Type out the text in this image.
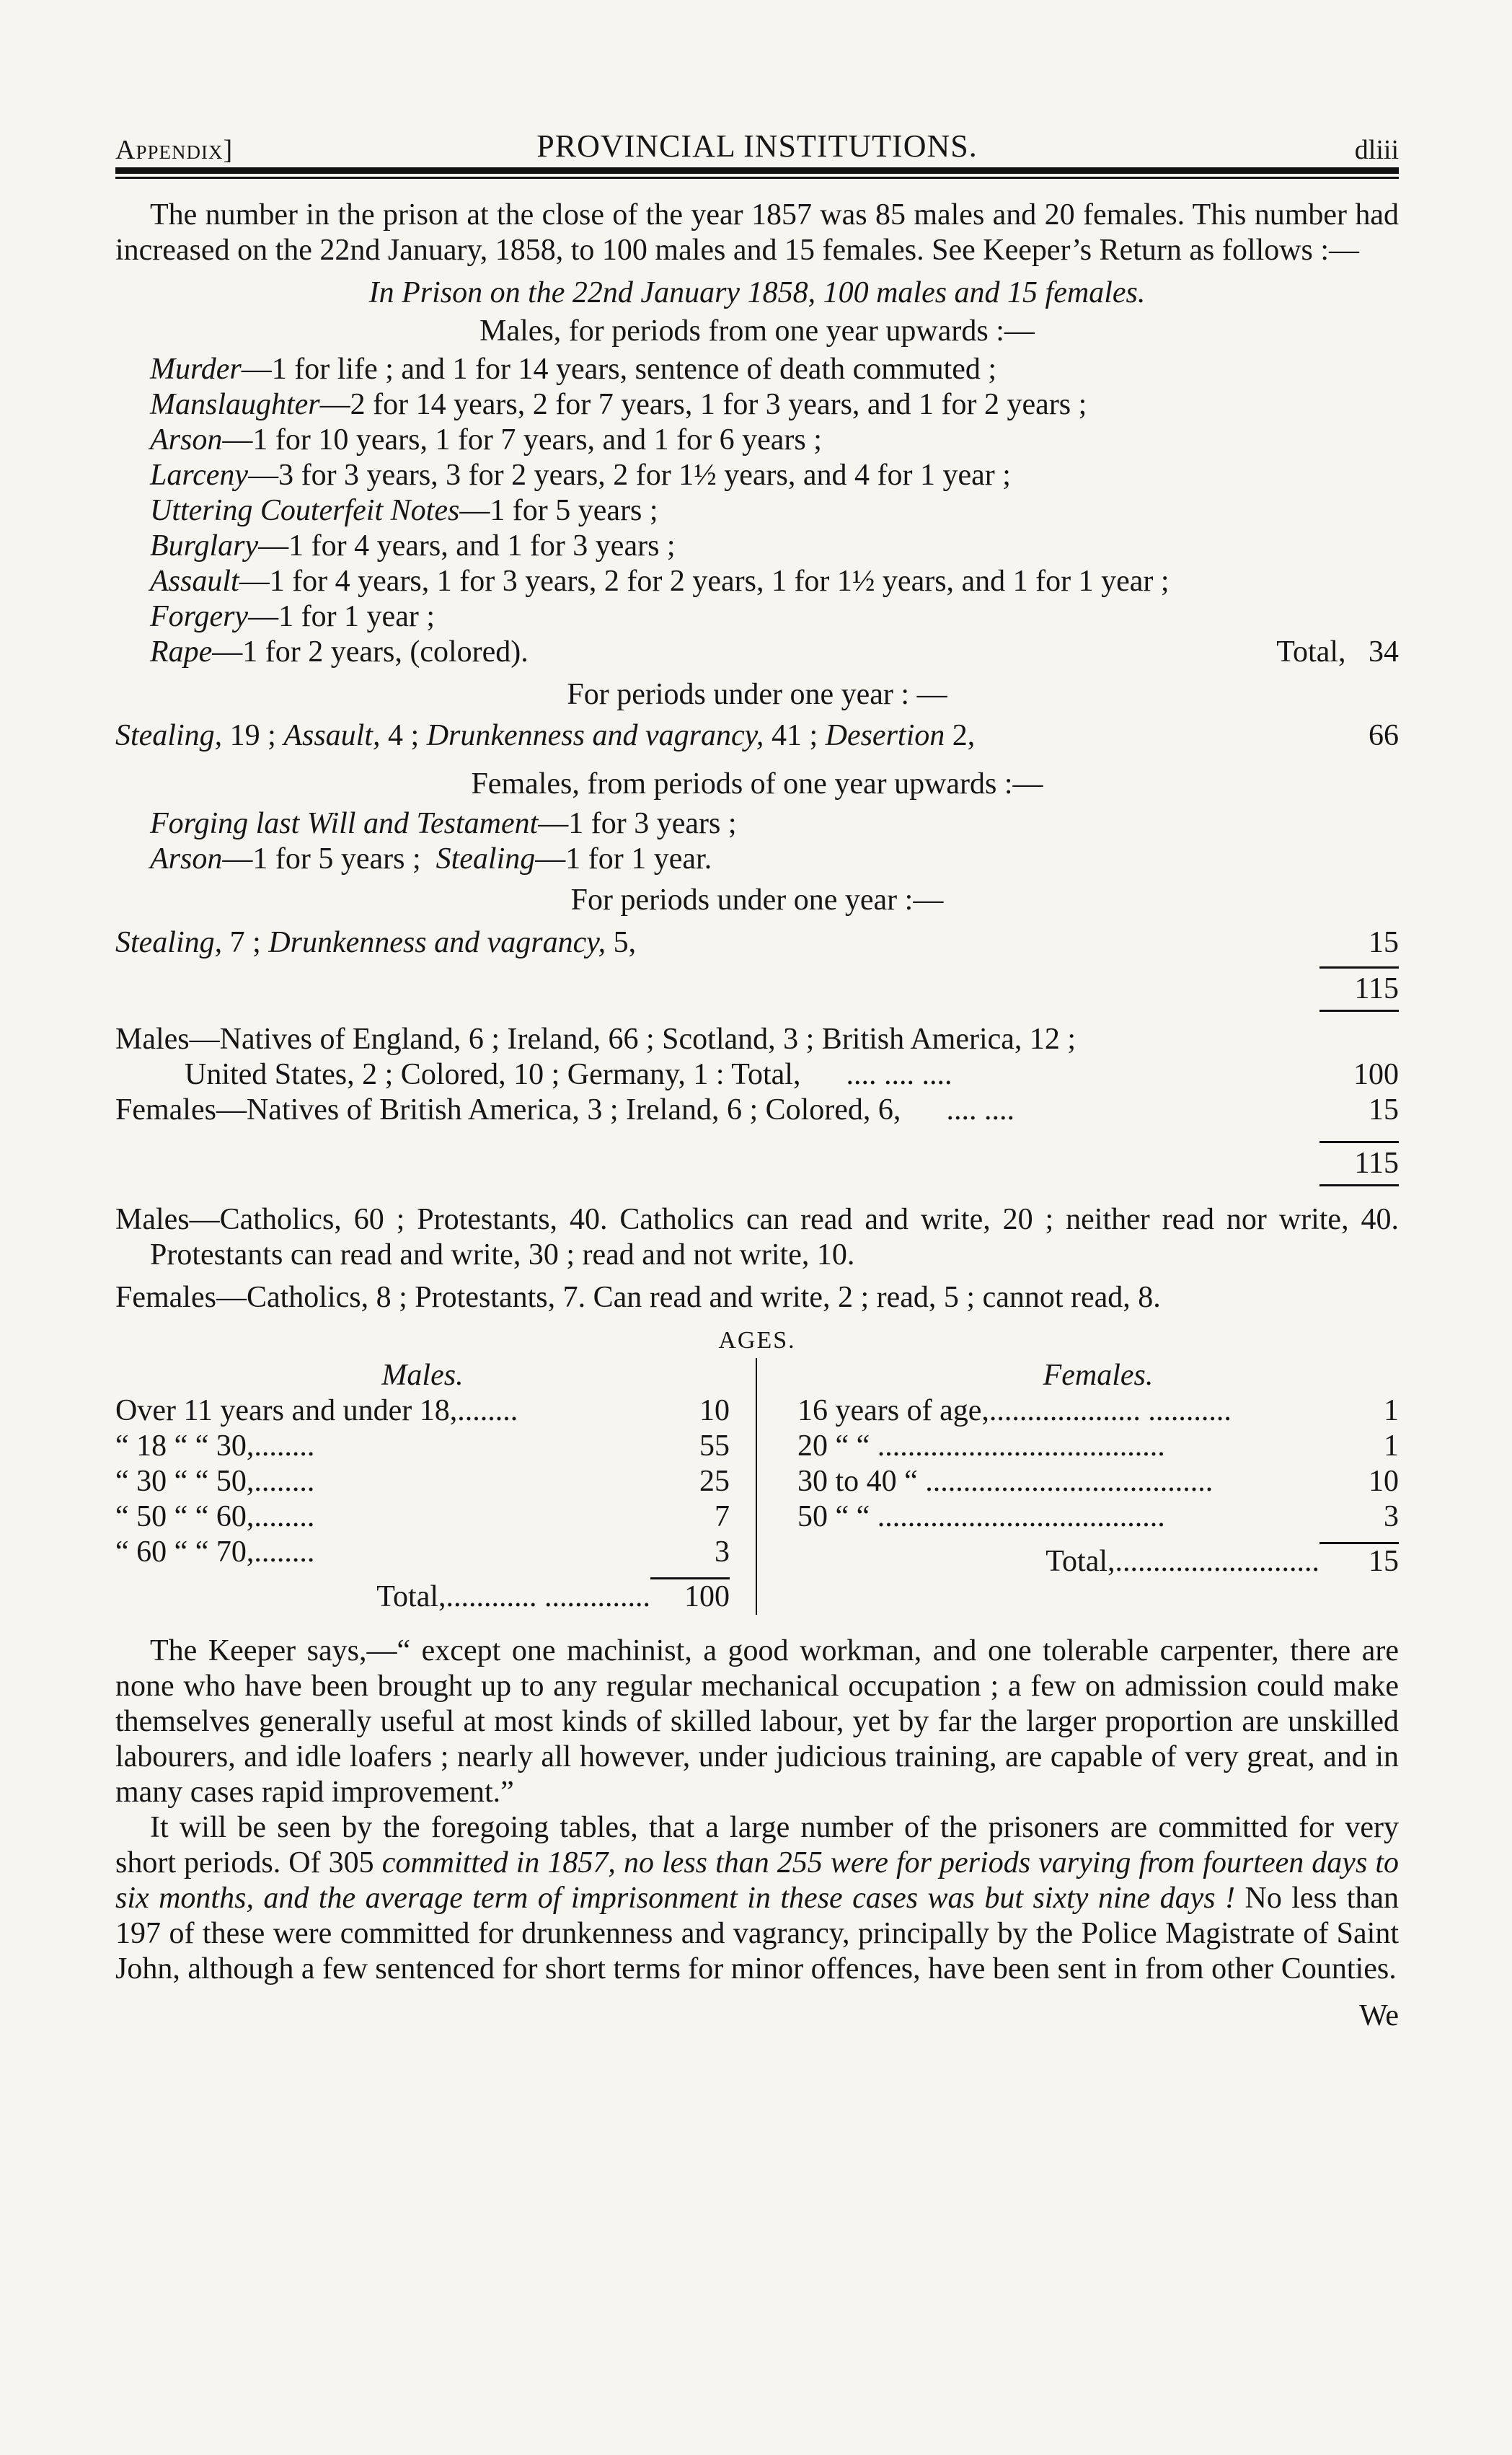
Appendix]	PROVINCIAL INSTITUTIONS.	dliii

The number in the prison at the close of the year 1857 was 85 males and 20 females. This number had increased on the 22nd January, 1858, to 100 males and 15 females. See Keeper’s Return as follows :—

In Prison on the 22nd January 1858, 100 males and 15 females.

Males, for periods from one year upwards :—

Murder—1 for life ; and 1 for 14 years, sentence of death commuted ;

Manslaughter—2 for 14 years, 2 for 7 years, 1 for 3 years, and 1 for 2 years ;

Arson—1 for 10 years, 1 for 7 years, and 1 for 6 years ;

Larceny—3 for 3 years, 3 for 2 years, 2 for 1½ years, and 4 for 1 year ;

Uttering Couterfeit Notes—1 for 5 years ;

Burglary—1 for 4 years, and 1 for 3 years ;

Assault—1 for 4 years, 1 for 3 years, 2 for 2 years, 1 for 1½ years, and 1 for 1 year ;

Forgery—1 for 1 year ;

Rape—1 for 2 years, (colored).	Total, 34

For periods under one year : —

Stealing, 19 ; Assault, 4 ; Drunkenness and vagrancy, 41 ; Desertion 2,	66

Females, from periods of one year upwards :—

Forging last Will and Testament—1 for 3 years ;

Arson—1 for 5 years ; Stealing—1 for 1 year.

For periods under one year :—

Stealing, 7 ; Drunkenness and vagrancy, 5,	15
115

Males—Natives of England, 6 ; Ireland, 66 ; Scotland, 3 ; British America, 12 ;

United States, 2 ; Colored, 10 ; Germany, 1 : Total, .... .... ....	100
Females—Natives of British America, 3 ; Ireland, 6 ; Colored, 6, .... ....	15
115

Males—Catholics, 60 ; Protestants, 40. Catholics can read and write, 20 ; neither read nor write, 40. Protestants can read and write, 30 ; read and not write, 10.

Females—Catholics, 8 ; Protestants, 7. Can read and write, 2 ; read, 5 ; cannot read, 8.

AGES.
Males.
Over 11 years and under 18,........	10
“ 18 “ “ 30,........	55
“ 30 “ “ 50,........	25
“ 50 “ “ 60,........	7
“ 60 “ “ 70,........	3
Total,............ ..............	100
Females.
16 years of age,.................... ...........	1
20 “ “ ......................................	1
30 to 40 “ ......................................	10
50 “ “ ......................................	3
Total,...........................	15

The Keeper says,—“ except one machinist, a good workman, and one tolerable carpenter, there are none who have been brought up to any regular mechanical occupation ; a few on admission could make themselves generally useful at most kinds of skilled labour, yet by far the larger proportion are unskilled labourers, and idle loafers ; nearly all however, under judicious training, are capable of very great, and in many cases rapid improvement.”

It will be seen by the foregoing tables, that a large number of the prisoners are committed for very short periods. Of 305 committed in 1857, no less than 255 were for periods varying from fourteen days to six months, and the average term of imprisonment in these cases was but sixty nine days ! No less than 197 of these were committed for drunkenness and vagrancy, principally by the Police Magistrate of Saint John, although a few sentenced for short terms for minor offences, have been sent in from other Counties.

We
